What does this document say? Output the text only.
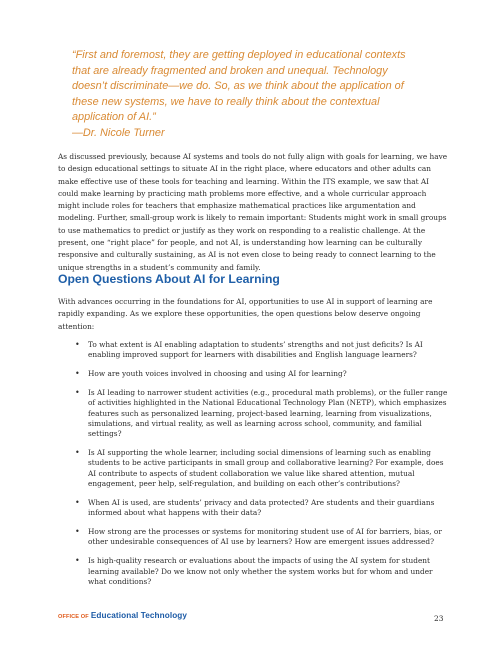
“First and foremost, they are getting deployed in educational contexts

that are already fragmented and broken and unequal. Technology

doesn’t discriminate—we do. So, as we think about the application of

these new systems, we have to really think about the contextual

application of AI.”

—Dr. Nicole Turner

As discussed previously, because AI systems and tools do not fully align with goals for learning, we have to design educational settings to situate AI in the right place, where educators and other adults can make effective use of these tools for teaching and learning. Within the ITS example, we saw that AI could make learning by practicing math problems more effective, and a whole curricular approach might include roles for teachers that emphasize mathematical practices like argumentation and modeling. Further, small-group work is likely to remain important: Students might work in small groups to use mathematics to predict or justify as they work on responding to a realistic challenge. At the present, one “right place” for people, and not AI, is understanding how learning can be culturally responsive and culturally sustaining, as AI is not even close to being ready to connect learning to the unique strengths in a student’s community and family.

Open Questions About AI for Learning

With advances occurring in the foundations for AI, opportunities to use AI in support of learning are rapidly expanding. As we explore these opportunities, the open questions below deserve ongoing attention:

• To what extent is AI enabling adaptation to students’ strengths and not just deficits? Is AI enabling improved support for learners with disabilities and English language learners?
• How are youth voices involved in choosing and using AI for learning?
• Is AI leading to narrower student activities (e.g., procedural math problems), or the fuller range of activities highlighted in the National Educational Technology Plan (NETP), which emphasizes features such as personalized learning, project-based learning, learning from visualizations, simulations, and virtual reality, as well as learning across school, community, and familial settings?
• Is AI supporting the whole learner, including social dimensions of learning such as enabling students to be active participants in small group and collaborative learning? For example, does AI contribute to aspects of student collaboration we value like shared attention, mutual engagement, peer help, self-regulation, and building on each other’s contributions?
• When AI is used, are students’ privacy and data protected? Are students and their guardians informed about what happens with their data?
• How strong are the processes or systems for monitoring student use of AI for barriers, bias, or other undesirable consequences of AI use by learners? How are emergent issues addressed?
• Is high-quality research or evaluations about the impacts of using the AI system for student learning available? Do we know not only whether the system works but for whom and under what conditions?
OFFICE OF Educational Technology	23
